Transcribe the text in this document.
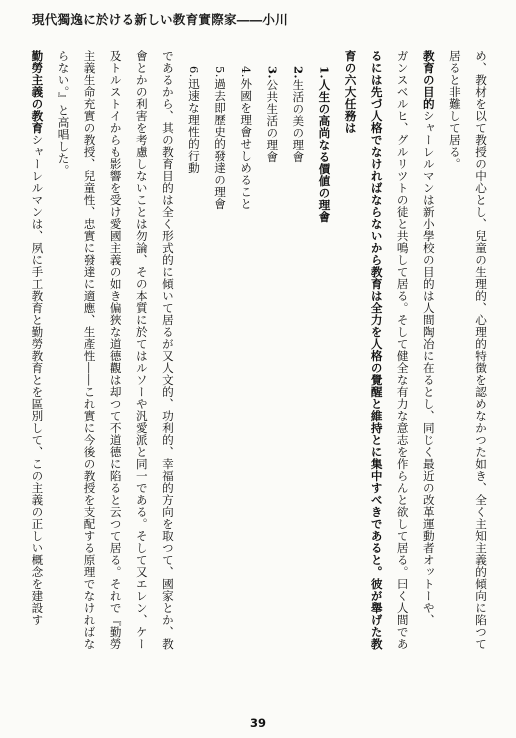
現代獨逸に於ける新しい教育實際家――小川
め、教材を以て教授の中心とし、兒童の生理的、心理的特徴を認めなかつた如き、全く主知主義的傾向に陷つて
居ると非難して居る。
教育の目的シャーレルマンは新小學校の目的は人間陶冶に在るとし、同じく最近の改革運動者オットーや、
ガンスベルヒ、グルリツトの徒と共鳴して居る。そして健全な有力な意志を作らんと欲して居る。曰く人間であ
るには先づ人格でなければならないから教育は全力を人格の覺醒と維持とに集中すべきであると。彼が舉げた教
育の六大任務は
1.人生の高尚なる價値の理會
2.生活の美の理會
3.公共生活の理會
4.外國を理會せしめること
5.過去即歷史的發達の理會
6.迅速な理性的行動
であるから、其の教育目的は全く形式的に傾いて居るが又人文的、功利的、幸福的方向を取つて、國家とか、教
會とかの利害を考慮しないことは勿論、その本質に於てはルソーや汎愛派と同一である。そして又エレン、ケー
及トルストイからも影響を受け愛國主義の如き偏狹な道德觀は却つて不道德に陷ると云つて居る。それで『勤勞
主義生命充實の教授、兒童性、忠實に發達に適應、生產性――これ實に今後の教授を支配する原理でなければな
らない。』と高唱した。
勤勞主義の教育シャーレルマンは、夙に手工教育と勤勞教育とを區別して、この主義の正しい概念を建設す
39
